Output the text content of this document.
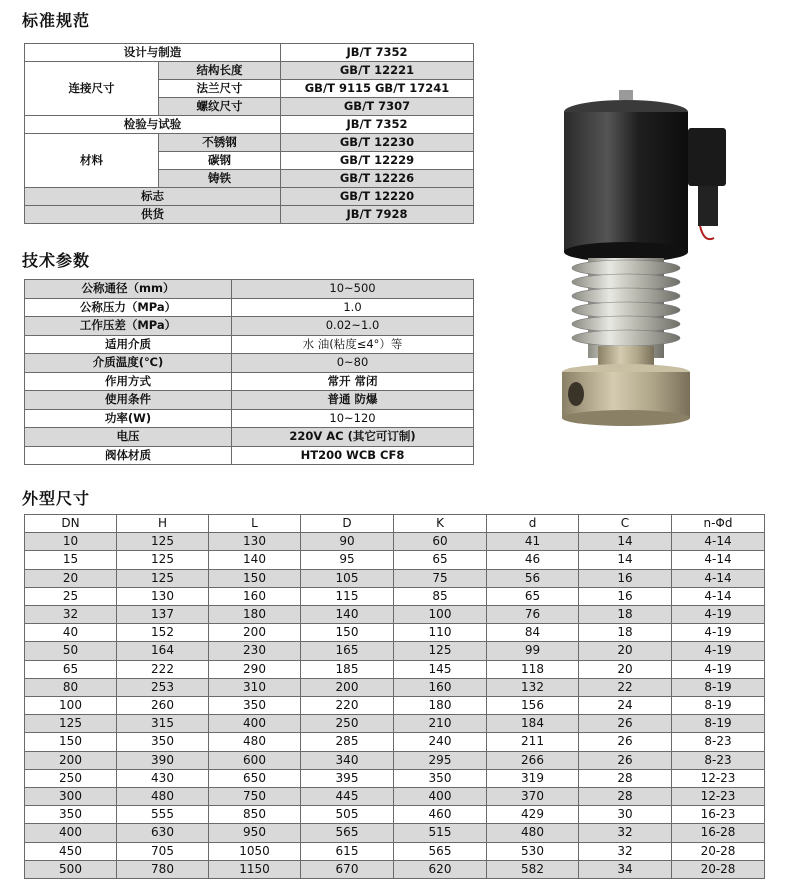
标准规范
设计与制造		JB/T 7352
连接尺寸	结构长度	GB/T 12221
	法兰尺寸	GB/T 9115 GB/T 17241
	螺纹尺寸	GB/T 7307
检验与试验		JB/T 7352
材料	不锈钢	GB/T 12230
	碳钢	GB/T 12229
	铸铁	GB/T 12226
标志		GB/T 12220
供货		JB/T 7928
技术参数
公称通径（mm）	10~500
公称压力（MPa）	1.0
工作压差（MPa）	0.02~1.0
适用介质	水 油(粘度≤4°）等
介质温度(℃)	0~80
作用方式	常开 常闭
使用条件	普通 防爆
功率(W)	10~120
电压	220V AC (其它可订制)
阀体材质	HT200 WCB CF8
外型尺寸
DN	H	L	D	K	d	C	n-Φd
10	125	130	90	60	41	14	4-14
15	125	140	95	65	46	14	4-14
20	125	150	105	75	56	16	4-14
25	130	160	115	85	65	16	4-14
32	137	180	140	100	76	18	4-19
40	152	200	150	110	84	18	4-19
50	164	230	165	125	99	20	4-19
65	222	290	185	145	118	20	4-19
80	253	310	200	160	132	22	8-19
100	260	350	220	180	156	24	8-19
125	315	400	250	210	184	26	8-19
150	350	480	285	240	211	26	8-23
200	390	600	340	295	266	26	8-23
250	430	650	395	350	319	28	12-23
300	480	750	445	400	370	28	12-23
350	555	850	505	460	429	30	16-23
400	630	950	565	515	480	32	16-28
450	705	1050	615	565	530	32	20-28
500	780	1150	670	620	582	34	20-28
